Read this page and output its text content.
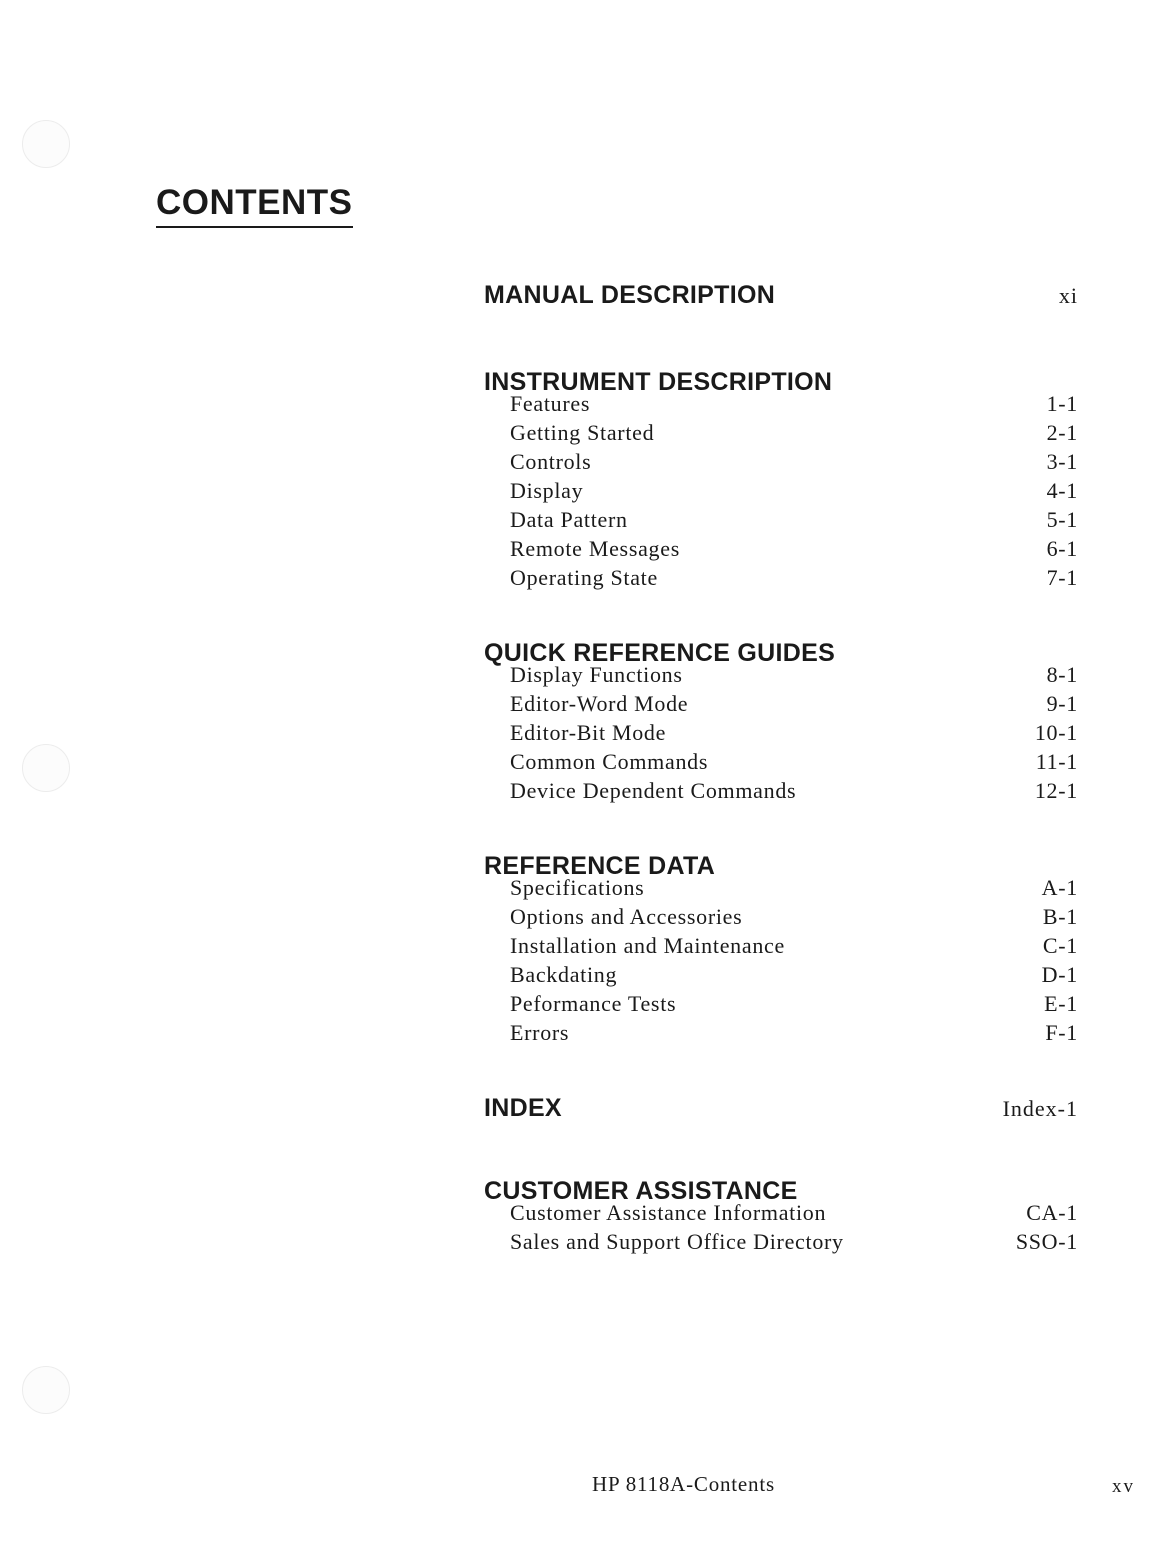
CONTENTS
MANUAL DESCRIPTION	xi
INSTRUMENT DESCRIPTION
Features	1-1
Getting Started	2-1
Controls	3-1
Display	4-1
Data Pattern	5-1
Remote Messages	6-1
Operating State	7-1
QUICK REFERENCE GUIDES
Display Functions	8-1
Editor-Word Mode	9-1
Editor-Bit Mode	10-1
Common Commands	11-1
Device Dependent Commands	12-1
REFERENCE DATA
Specifications	A-1
Options and Accessories	B-1
Installation and Maintenance	C-1
Backdating	D-1
Peformance Tests	E-1
Errors	F-1
INDEX	Index-1
CUSTOMER ASSISTANCE
Customer Assistance Information	CA-1
Sales and Support Office Directory	SSO-1
HP 8118A-Contents	xv
